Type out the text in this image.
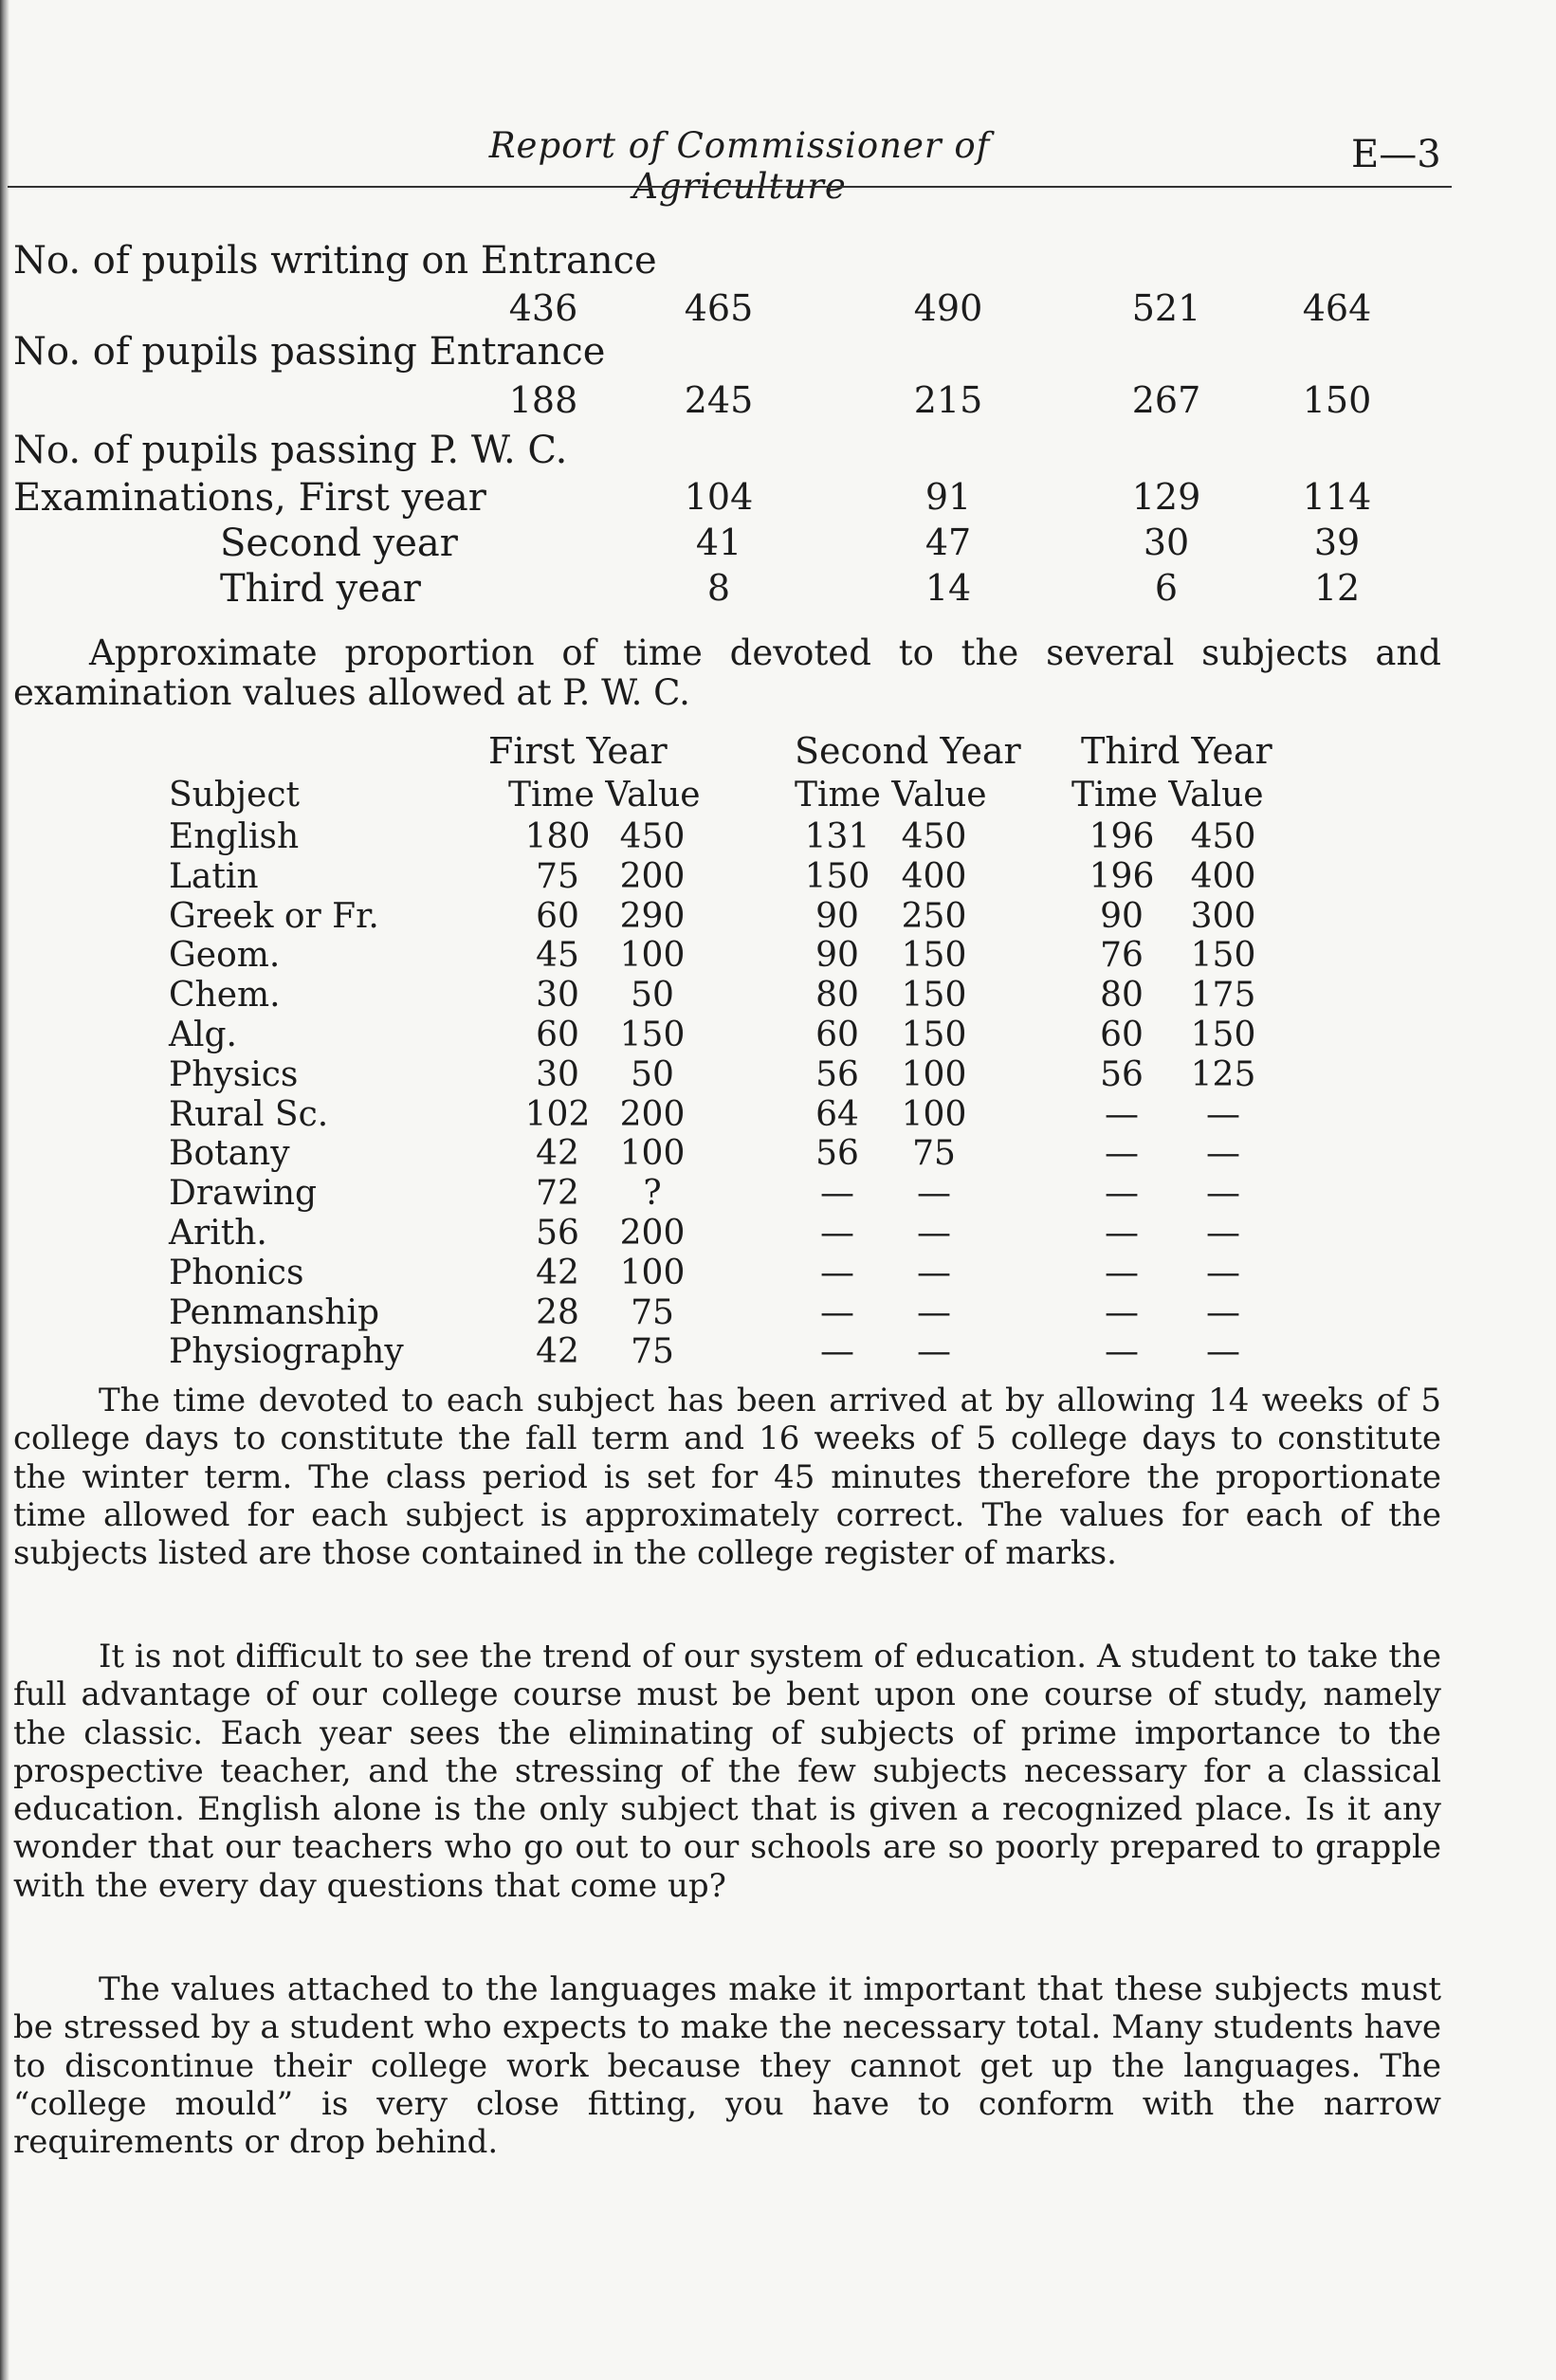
Report of Commissioner of Agriculture
E—3
No. of pupils writing on Entrance
436	465	490	521	464
No. of pupils passing Entrance
188	245	215	267	150
No. of pupils passing P. W. C.
Examinations, First year	104	91	129	114
Second year	41	47	30	39
Third year	8	14	6	12

Approximate proportion of time devoted to the several subjects and examination values allowed at P. W. C.

First Year	Second Year Third Year
Subject	Time Value	Time Value Time Value
English	180 450	131 450	196	450
Latin	75	200	150 400	196	400
Greek or Fr.	60	290	90	250	90	300
Geom.	45	100	90	150	76	150
Chem.	30	50	80	150	80	175
Alg.	60	150	60	150	60	150
Physics	30	50	56	100	56	125
Rural Sc.	102 200	64	100	—	—
Botany	42	100	56	75	—	—
Drawing	72	?	—	—	—	—
Arith.	56	200	—	—	—	—
Phonics	42	100	—	—	—	—
Penmanship	28	75	—	—	—	—
Physiography	42	75	—	—	—	—

The time devoted to each subject has been arrived at by allowing 14 weeks of 5 college days to constitute the fall term and 16 weeks of 5 college days to constitute the winter term. The class period is set for 45 minutes therefore the proportionate time allowed for each subject is approximately correct. The values for each of the subjects listed are those contained in the college register of marks.

It is not difficult to see the trend of our system of education. A student to take the full advantage of our college course must be bent upon one course of study, namely the classic. Each year sees the eliminating of subjects of prime importance to the prospective teacher, and the stressing of the few subjects necessary for a classical education. English alone is the only subject that is given a recognized place. Is it any wonder that our teachers who go out to our schools are so poorly prepared to grapple with the every day questions that come up?

The values attached to the languages make it important that these subjects must be stressed by a student who expects to make the necessary total. Many students have to discontinue their college work because they cannot get up the languages. The “college mould” is very close fitting, you have to conform with the narrow requirements or drop behind.
